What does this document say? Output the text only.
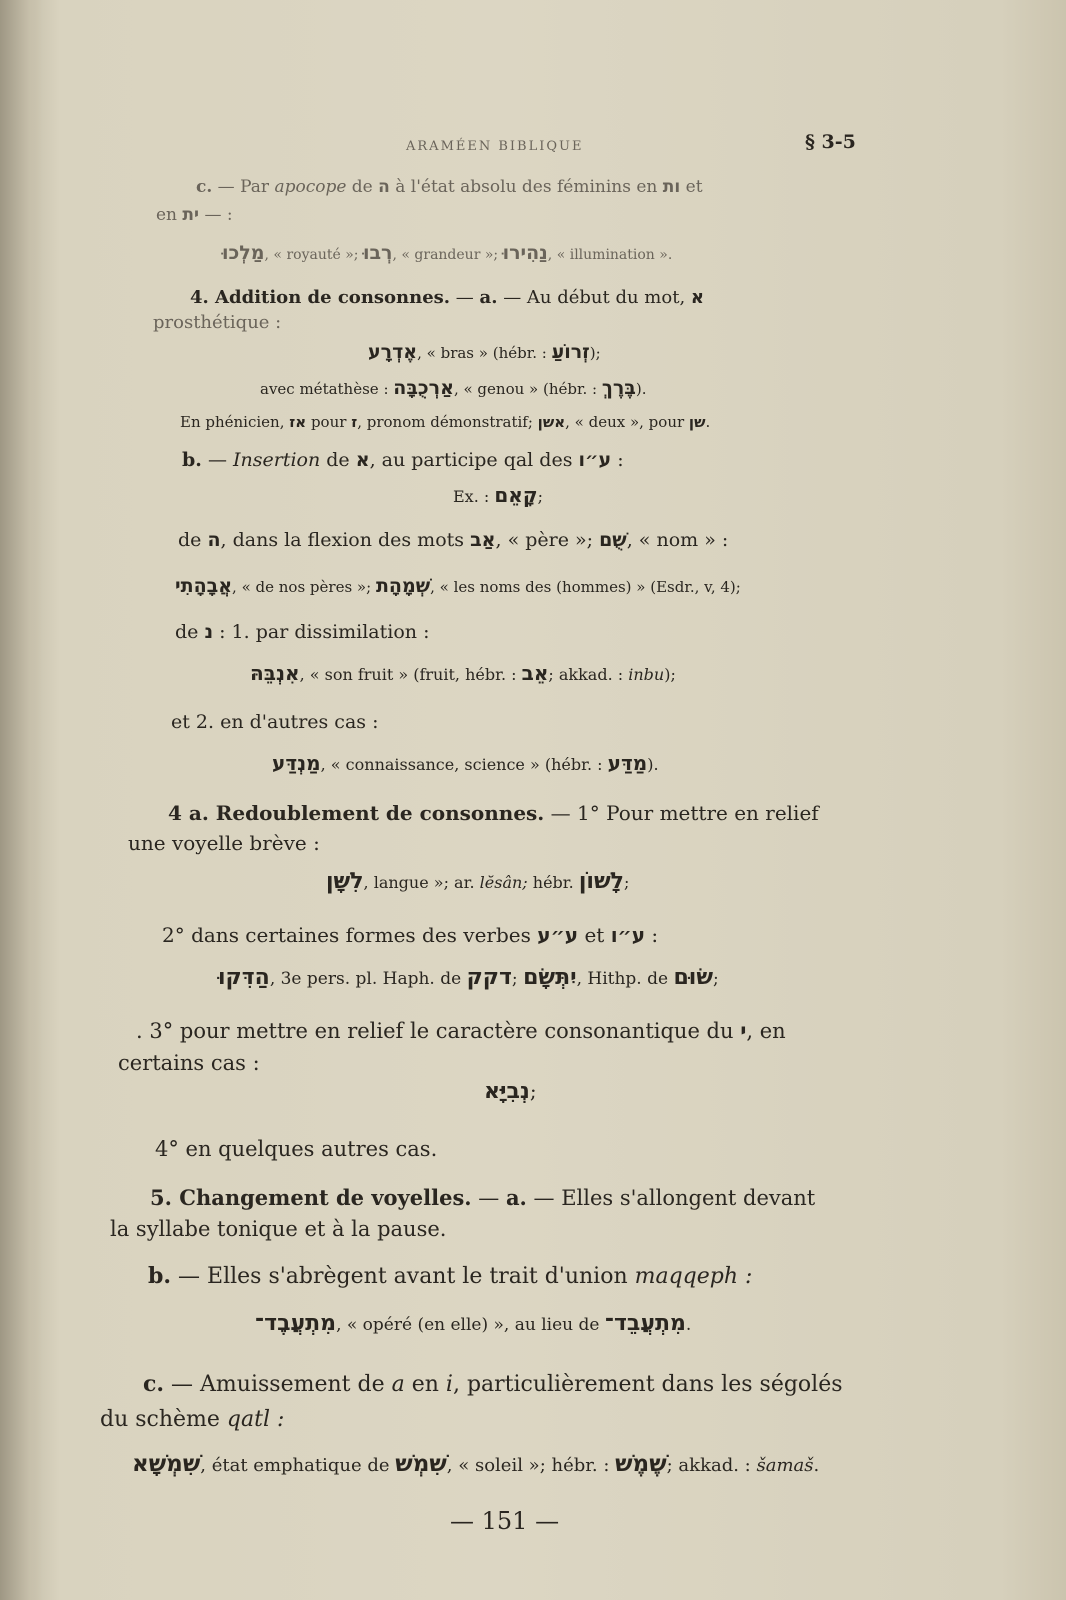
ARAMÉEN BIBLIQUE	§ 3-5
c. — Par apocope de ה à l'état absolu des féminins en ות et
en ית — :
מַלְכוּ, « royauté »; רְבוּ, « grandeur »; נַהִירוּ, « illumination ».
4. Addition de consonnes. — a. — Au début du mot, א
prosthétique :
אֶדְרָע, « bras » (hébr. : זְרוֹעַ);
avec métathèse : אַרְכֻבָּה, « genou » (hébr. : בֶּרֶךְ).
En phénicien, אז pour ז, pronom démonstratif; אשן, « deux », pour שן.
b. — Insertion de א, au participe qal des ע״ו :
Ex. : קָאֵם;
de ה, dans la flexion des mots אַב, « père »; שֻׁם, « nom » :
אֲבָהָתִי, « de nos pères »; שְׁמָהָת, « les noms des (hommes) » (Esdr., v, 4);
de נ : 1. par dissimilation :
אִנְבֵּהּ, « son fruit » (fruit, hébr. : אֵב; akkad. : inbu);
et 2. en d'autres cas :
מַנְדַּע, « connaissance, science » (hébr. : מַדַּע).
4 a. Redoublement de consonnes. — 1° Pour mettre en relief
une voyelle brève :
לִשָּׁן, langue »; ar. lĕsân; hébr. לָשׁוֹן;
2° dans certaines formes des verbes ע״ע et ע״ו :
הַדִּקוּ, 3e pers. pl. Haph. de דקק; יִתְּשָׂם, Hithp. de שׂוּם;
. 3° pour mettre en relief le caractère consonantique du י, en
certains cas :
נְבִיָּא;
4° en quelques autres cas.
5. Changement de voyelles. — a. — Elles s'allongent devant
la syllabe tonique et à la pause.
b. — Elles s'abrègent avant le trait d'union maqqeph :
מִתְעֲבֶד־, « opéré (en elle) », au lieu de מִתְעֲבֵד־.
c. — Amuissement de a en i, particulièrement dans les ségolés
du schème qatl :
שִׁמְשָׁא, état emphatique de שִׁמְשׁ, « soleil »; hébr. : שֶׁמֶשׁ; akkad. : šamaš.
— 151 —
